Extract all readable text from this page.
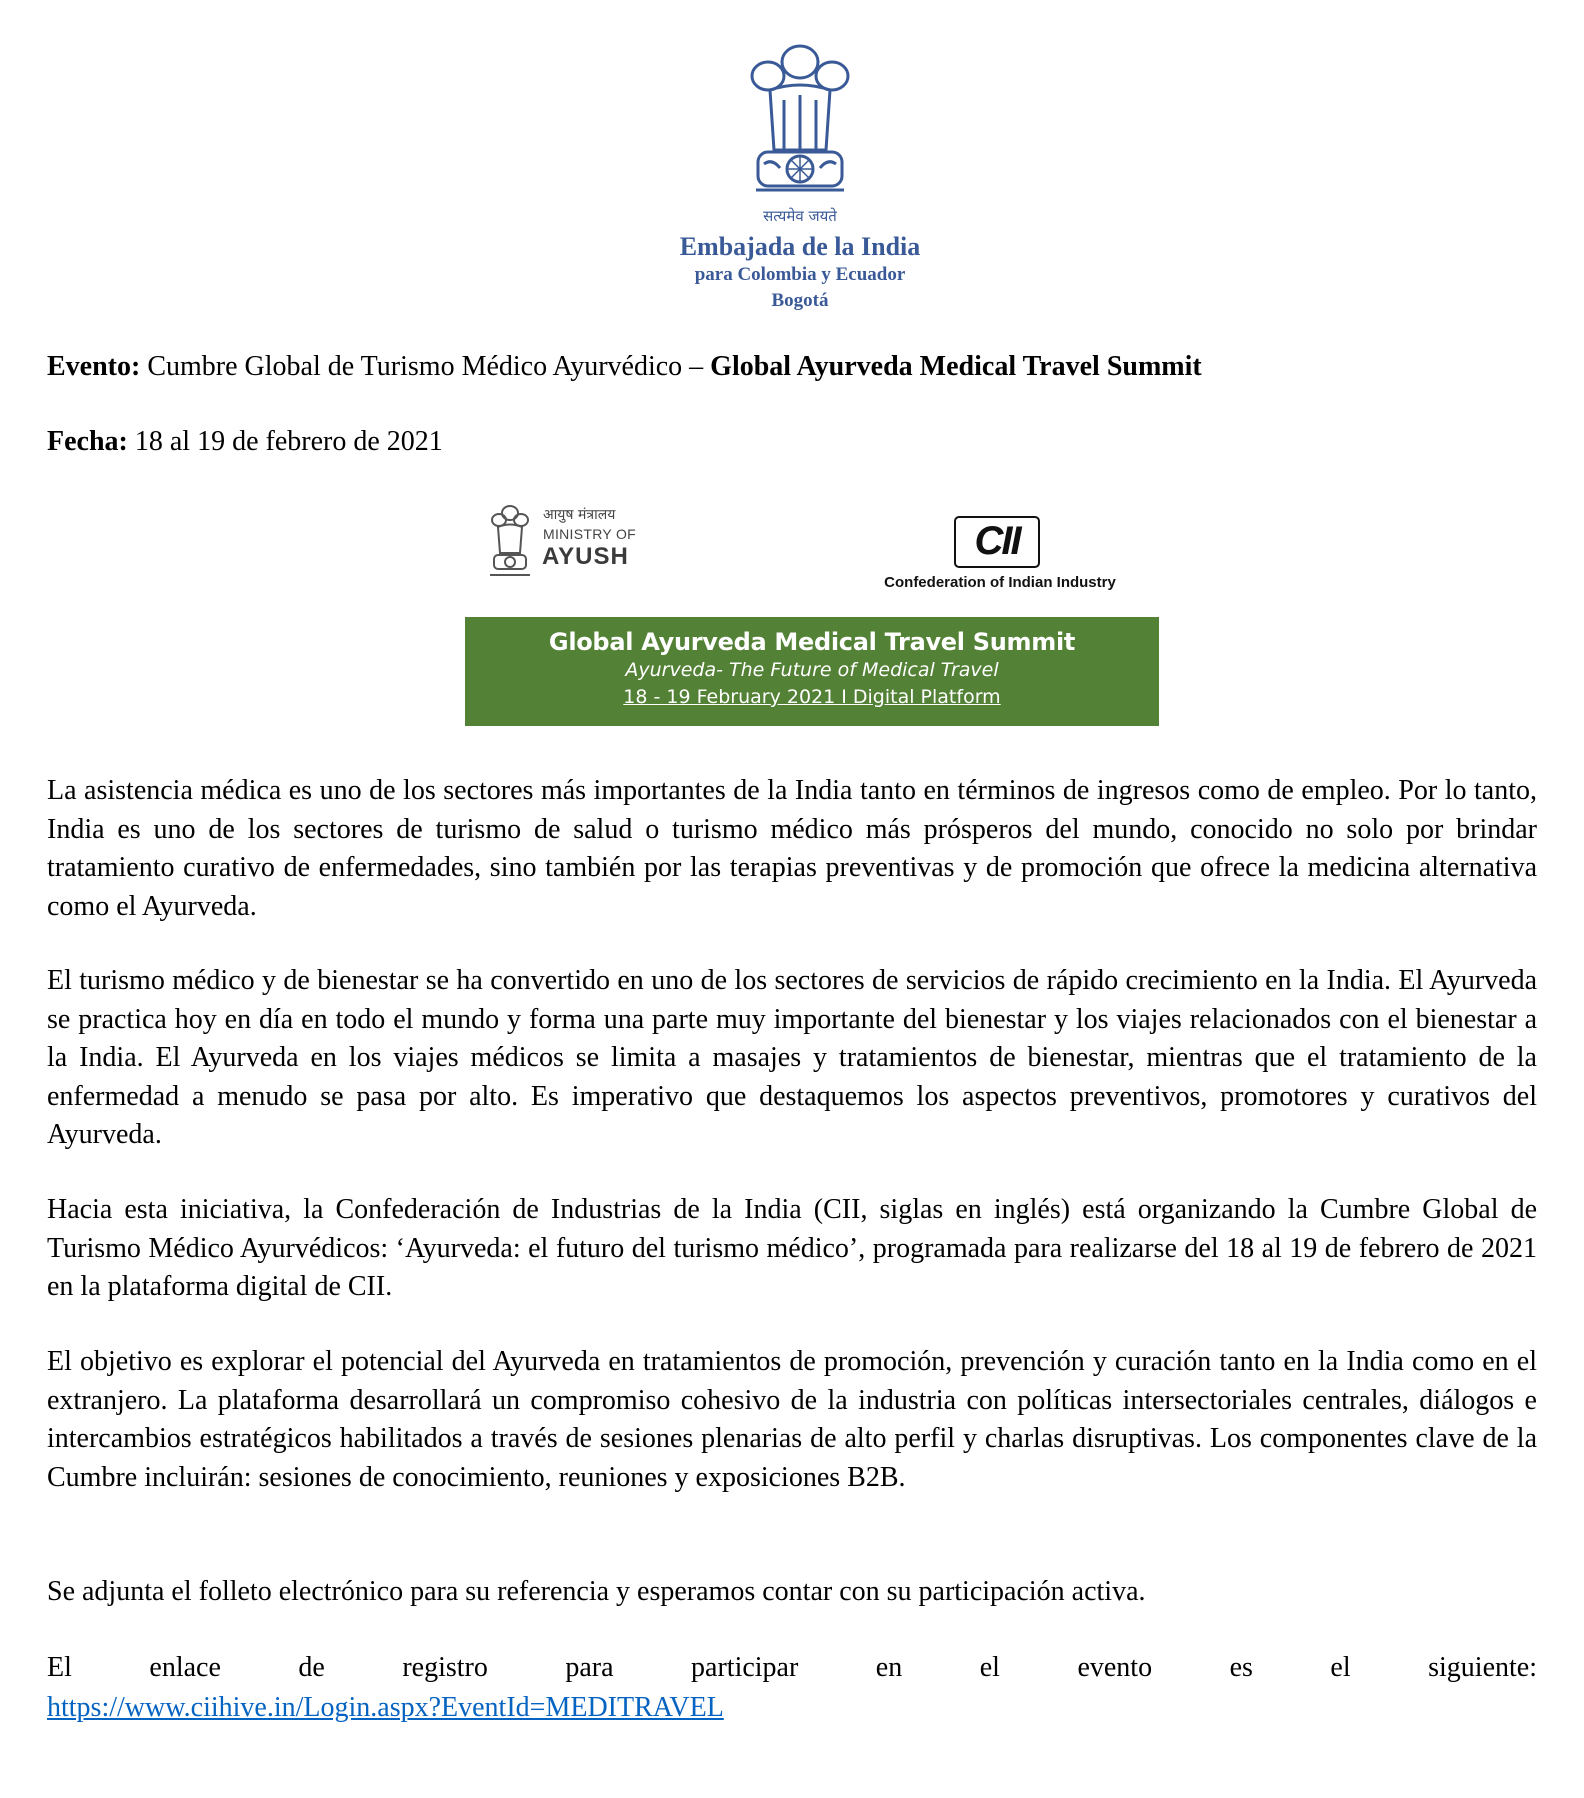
सत्यमेव जयते
Embajada de la India
para Colombia y Ecuador
Bogotá
Evento: Cumbre Global de Turismo Médico Ayurvédico – Global Ayurveda Medical Travel Summit
Fecha: 18 al 19 de febrero de 2021
आयुष मंत्रालय
MINISTRY OF
AYUSH	CII
Confederation of Indian Industry
Global Ayurveda Medical Travel Summit
Ayurveda- The Future of Medical Travel
18 - 19 February 2021 I Digital Platform

La asistencia médica es uno de los sectores más importantes de la India tanto en términos de ingresos como de empleo. Por lo tanto, India es uno de los sectores de turismo de salud o turismo médico más prósperos del mundo, conocido no solo por brindar tratamiento curativo de enfermedades, sino también por las terapias preventivas y de promoción que ofrece la medicina alternativa como el Ayurveda.

El turismo médico y de bienestar se ha convertido en uno de los sectores de servicios de rápido crecimiento en la India. El Ayurveda se practica hoy en día en todo el mundo y forma una parte muy importante del bienestar y los viajes relacionados con el bienestar a la India. El Ayurveda en los viajes médicos se limita a masajes y tratamientos de bienestar, mientras que el tratamiento de la enfermedad a menudo se pasa por alto. Es imperativo que destaquemos los aspectos preventivos, promotores y curativos del Ayurveda.

Hacia esta iniciativa, la Confederación de Industrias de la India (CII, siglas en inglés) está organizando la Cumbre Global de Turismo Médico Ayurvédicos: ‘Ayurveda: el futuro del turismo médico’, programada para realizarse del 18 al 19 de febrero de 2021 en la plataforma digital de CII.

El objetivo es explorar el potencial del Ayurveda en tratamientos de promoción, prevención y curación tanto en la India como en el extranjero. La plataforma desarrollará un compromiso cohesivo de la industria con políticas intersectoriales centrales, diálogos e intercambios estratégicos habilitados a través de sesiones plenarias de alto perfil y charlas disruptivas. Los componentes clave de la Cumbre incluirán: sesiones de conocimiento, reuniones y exposiciones B2B.

Se adjunta el folleto electrónico para su referencia y esperamos contar con su participación activa.

El enlace de registro para participar en el evento es el siguiente:

https://www.ciihive.in/Login.aspx?EventId=MEDITRAVEL
